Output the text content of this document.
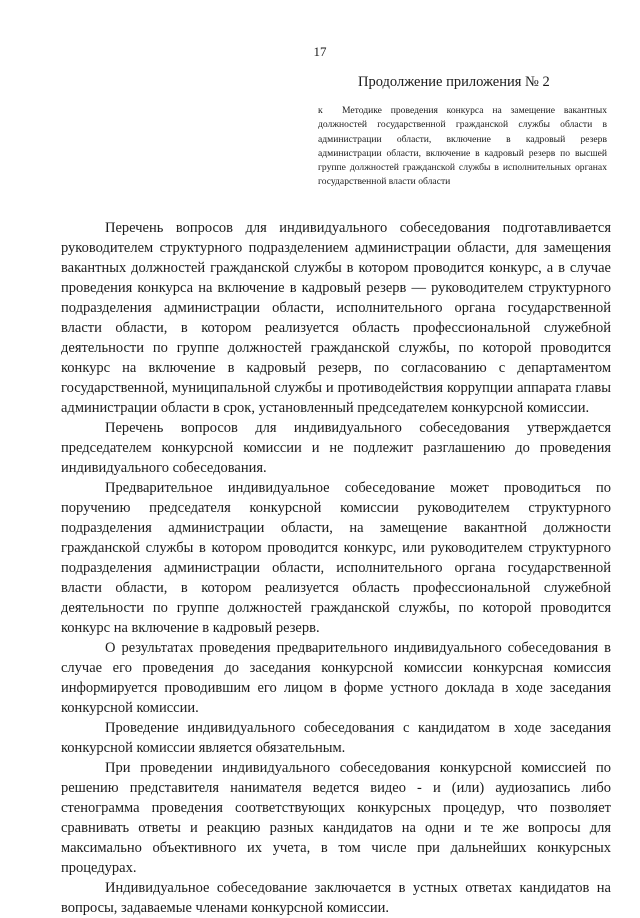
17
Продолжение приложения № 2
к Методике проведения конкурса на замещение вакантных должностей государственной гражданской службы области в администрации области, включение в кадровый резерв администрации области, включение в кадровый резерв по высшей группе должностей гражданской службы в исполнительных органах государственной власти области

Перечень вопросов для индивидуального собеседования подготавливается руководителем структурного подразделением администрации области, для замещения вакантных должностей гражданской службы в котором проводится конкурс, а в случае проведения конкурса на включение в кадровый резерв — руководителем структурного подразделения администрации области, исполнительного органа государственной власти области, в котором реализуется область профессиональной служебной деятельности по группе должностей гражданской службы, по которой проводится конкурс на включение в кадровый резерв, по согласованию с департаментом государственной, муниципальной службы и противодействия коррупции аппарата главы администрации области в срок, установленный председателем конкурсной комиссии.

Перечень вопросов для индивидуального собеседования утверждается председателем конкурсной комиссии и не подлежит разглашению до проведения индивидуального собеседования.

Предварительное индивидуальное собеседование может проводиться по поручению председателя конкурсной комиссии руководителем структурного подразделения администрации области, на замещение вакантной должности гражданской службы в котором проводится конкурс, или руководителем структурного подразделения администрации области, исполнительного органа государственной власти области, в котором реализуется область профессиональной служебной деятельности по группе должностей гражданской службы, по которой проводится конкурс на включение в кадровый резерв.

О результатах проведения предварительного индивидуального собеседования в случае его проведения до заседания конкурсной комиссии конкурсная комиссия информируется проводившим его лицом в форме устного доклада в ходе заседания конкурсной комиссии.

Проведение индивидуального собеседования с кандидатом в ходе заседания конкурсной комиссии является обязательным.

При проведении индивидуального собеседования конкурсной комиссией по решению представителя нанимателя ведется видео - и (или) аудиозапись либо стенограмма проведения соответствующих конкурсных процедур, что позволяет сравнивать ответы и реакцию разных кандидатов на одни и те же вопросы для максимально объективного их учета, в том числе при дальнейших конкурсных процедурах.

Индивидуальное собеседование заключается в устных ответах кандидатов на вопросы, задаваемые членами конкурсной комиссии.
